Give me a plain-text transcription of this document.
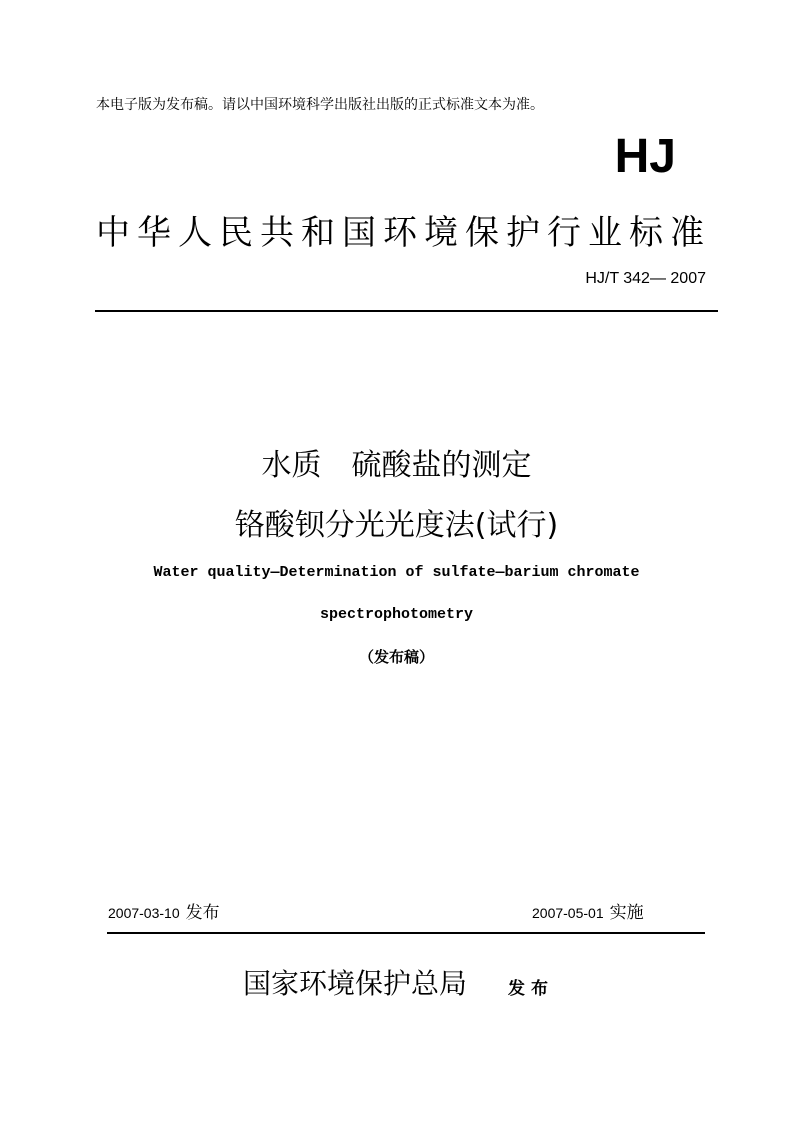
本电子版为发布稿。请以中国环境科学出版社出版的正式标准文本为准。
HJ
中华人民共和国环境保护行业标准
HJ/T 342— 2007
水质　硫酸盐的测定
铬酸钡分光光度法(试行)
Water quality—Determination of sulfate—barium chromate
spectrophotometry
（发布稿）
2007-03-10 发布	2007-05-01 实施
国家环境保护总局 发布
